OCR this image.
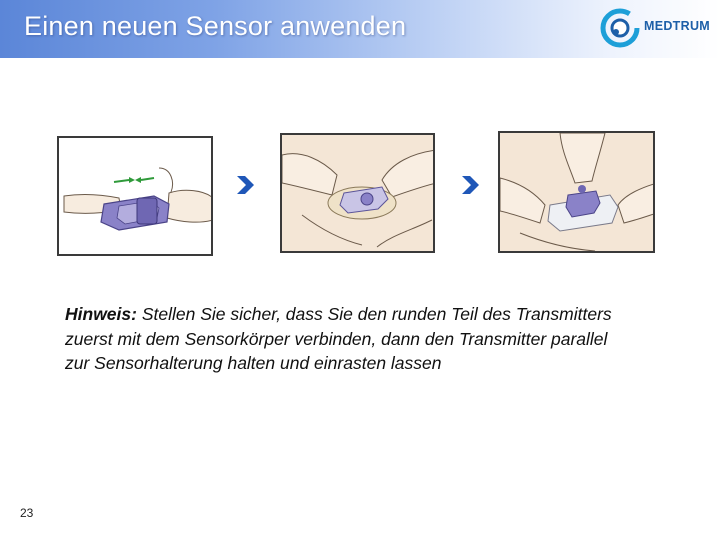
Einen neuen Sensor anwenden	MEDTRUM
Hinweis: Stellen Sie sicher, dass Sie den runden Teil des Transmitters zuerst mit dem Sensorkörper verbinden, dann den Transmitter parallel zur Sensorhalterung halten und einrasten lassen
23
